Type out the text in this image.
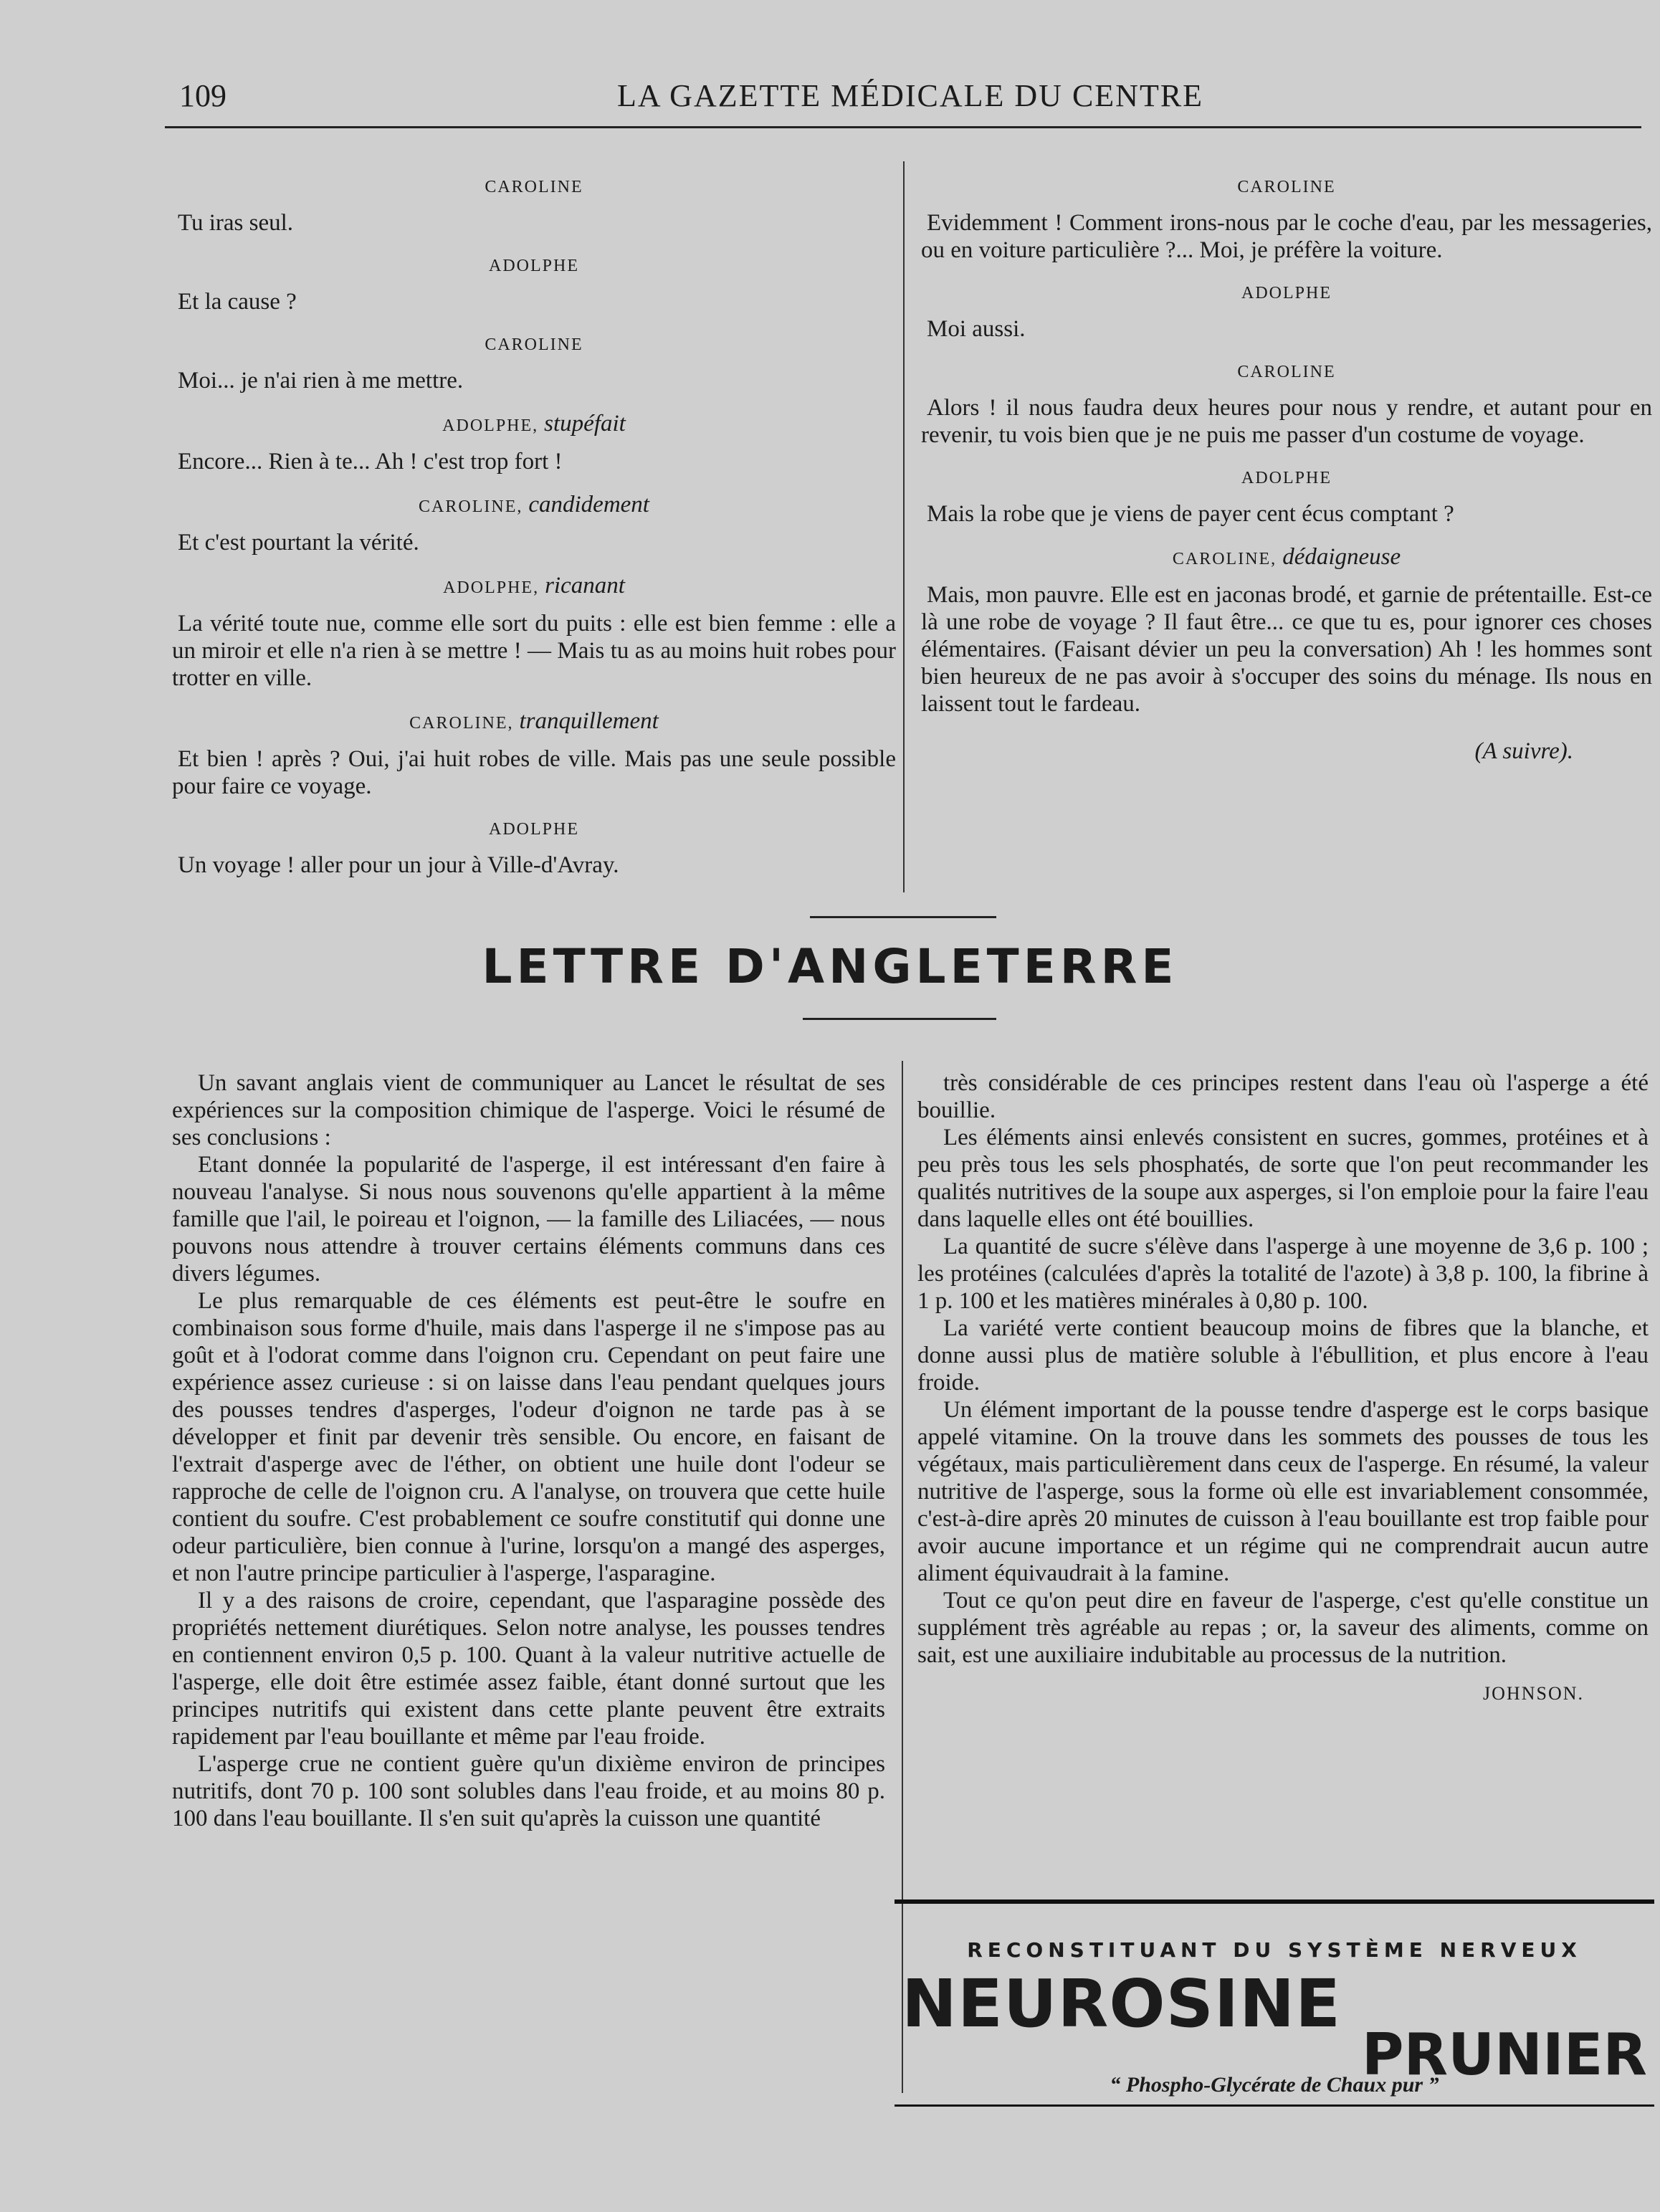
109	LA GAZETTE MÉDICALE DU CENTRE
CAROLINE
Tu iras seul.
ADOLPHE
Et la cause ?
CAROLINE
Moi... je n'ai rien à me mettre.
ADOLPHE, stupéfait
Encore... Rien à te... Ah ! c'est trop fort !
CAROLINE, candidement
Et c'est pourtant la vérité.
ADOLPHE, ricanant
La vérité toute nue, comme elle sort du puits : elle est bien femme : elle a un miroir et elle n'a rien à se mettre ! — Mais tu as au moins huit robes pour trotter en ville.
CAROLINE, tranquillement
Et bien ! après ? Oui, j'ai huit robes de ville. Mais pas une seule possible pour faire ce voyage.
ADOLPHE
Un voyage ! aller pour un jour à Ville-d'Avray.
CAROLINE
Evidemment ! Comment irons-nous par le coche d'eau, par les messageries, ou en voiture particulière ?... Moi, je préfère la voiture.
ADOLPHE
Moi aussi.
CAROLINE
Alors ! il nous faudra deux heures pour nous y rendre, et autant pour en revenir, tu vois bien que je ne puis me passer d'un costume de voyage.
ADOLPHE
Mais la robe que je viens de payer cent écus comptant ?
CAROLINE, dédaigneuse
Mais, mon pauvre. Elle est en jaconas brodé, et garnie de prétentaille. Est-ce là une robe de voyage ? Il faut être... ce que tu es, pour ignorer ces choses élémentaires. (Faisant dévier un peu la conversation) Ah ! les hommes sont bien heureux de ne pas avoir à s'occuper des soins du ménage. Ils nous en laissent tout le fardeau.
(A suivre).
LETTRE D'ANGLETERRE

Un savant anglais vient de communiquer au Lancet le résultat de ses expériences sur la composition chimique de l'asperge. Voici le résumé de ses conclusions :

Etant donnée la popularité de l'asperge, il est intéressant d'en faire à nouveau l'analyse. Si nous nous souvenons qu'elle appartient à la même famille que l'ail, le poireau et l'oignon, — la famille des Liliacées, — nous pouvons nous attendre à trouver certains éléments communs dans ces divers légumes.

Le plus remarquable de ces éléments est peut-être le soufre en combinaison sous forme d'huile, mais dans l'asperge il ne s'impose pas au goût et à l'odorat comme dans l'oignon cru. Cependant on peut faire une expérience assez curieuse : si on laisse dans l'eau pendant quelques jours des pousses tendres d'asperges, l'odeur d'oignon ne tarde pas à se développer et finit par devenir très sensible. Ou encore, en faisant de l'extrait d'asperge avec de l'éther, on obtient une huile dont l'odeur se rapproche de celle de l'oignon cru. A l'analyse, on trouvera que cette huile contient du soufre. C'est probablement ce soufre constitutif qui donne une odeur particulière, bien connue à l'urine, lorsqu'on a mangé des asperges, et non l'autre principe particulier à l'asperge, l'asparagine.

Il y a des raisons de croire, cependant, que l'asparagine possède des propriétés nettement diurétiques. Selon notre analyse, les pousses tendres en contiennent environ 0,5 p. 100. Quant à la valeur nutritive actuelle de l'asperge, elle doit être estimée assez faible, étant donné surtout que les principes nutritifs qui existent dans cette plante peuvent être extraits rapidement par l'eau bouillante et même par l'eau froide.

L'asperge crue ne contient guère qu'un dixième environ de principes nutritifs, dont 70 p. 100 sont solubles dans l'eau froide, et au moins 80 p. 100 dans l'eau bouillante. Il s'en suit qu'après la cuisson une quantité

très considérable de ces principes restent dans l'eau où l'asperge a été bouillie.

Les éléments ainsi enlevés consistent en sucres, gommes, protéines et à peu près tous les sels phosphatés, de sorte que l'on peut recommander les qualités nutritives de la soupe aux asperges, si l'on emploie pour la faire l'eau dans laquelle elles ont été bouillies.

La quantité de sucre s'élève dans l'asperge à une moyenne de 3,6 p. 100 ; les protéines (calculées d'après la totalité de l'azote) à 3,8 p. 100, la fibrine à 1 p. 100 et les matières minérales à 0,80 p. 100.

La variété verte contient beaucoup moins de fibres que la blanche, et donne aussi plus de matière soluble à l'ébullition, et plus encore à l'eau froide.

Un élément important de la pousse tendre d'asperge est le corps basique appelé vitamine. On la trouve dans les sommets des pousses de tous les végétaux, mais particulièrement dans ceux de l'asperge. En résumé, la valeur nutritive de l'asperge, sous la forme où elle est invariablement consommée, c'est-à-dire après 20 minutes de cuisson à l'eau bouillante est trop faible pour avoir aucune importance et un régime qui ne comprendrait aucun autre aliment équivaudrait à la famine.

Tout ce qu'on peut dire en faveur de l'asperge, c'est qu'elle constitue un supplément très agréable au repas ; or, la saveur des aliments, comme on sait, est une auxiliaire indubitable au processus de la nutrition.

JOHNSON.
RECONSTITUANT DU SYSTÈME NERVEUX
NEUROSINE
PRUNIER
“ Phospho-Glycérate de Chaux pur ”
